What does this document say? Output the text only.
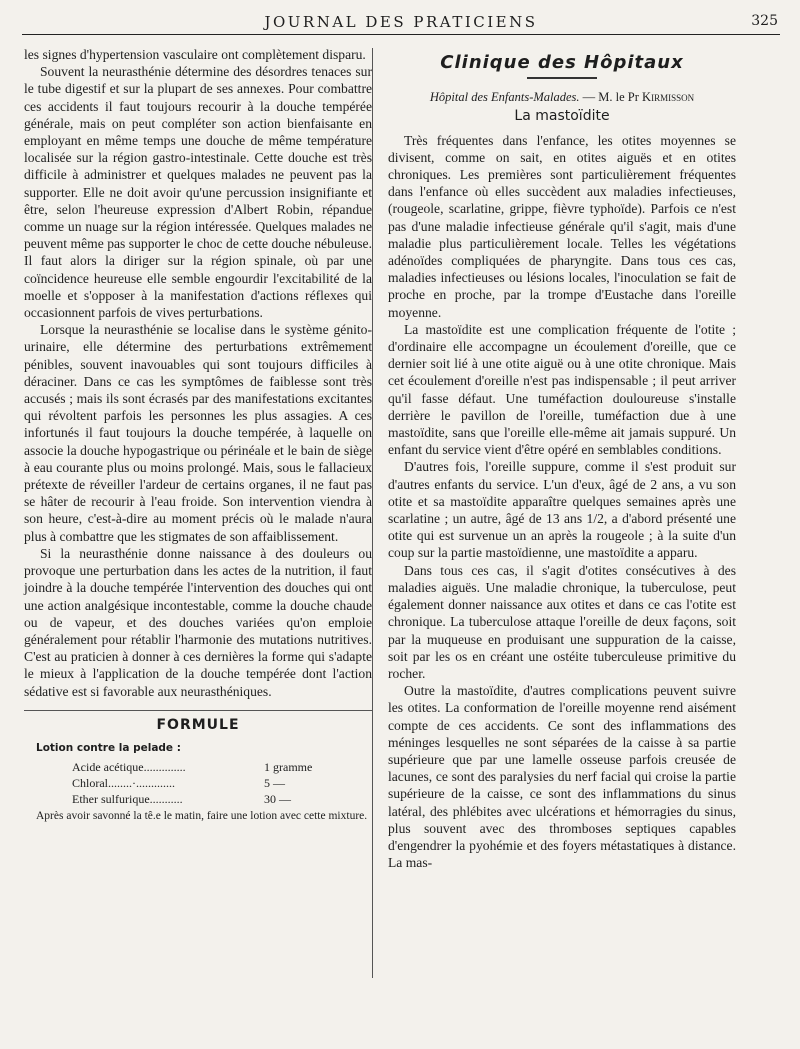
JOURNAL DES PRATICIENS	325

les signes d'hypertension vasculaire ont complètement disparu.

Souvent la neurasthénie détermine des désordres tenaces sur le tube digestif et sur la plupart de ses annexes. Pour combattre ces accidents il faut toujours recourir à la douche tempérée générale, mais on peut compléter son action bienfaisante en employant en même temps une douche de même température localisée sur la région gastro-intestinale. Cette douche est très difficile à administrer et quelques malades ne peuvent pas la supporter. Elle ne doit avoir qu'une percussion insignifiante et être, selon l'heureuse expression d'Albert Robin, répandue comme un nuage sur la région intéressée. Quelques malades ne peuvent même pas supporter le choc de cette douche nébuleuse. Il faut alors la diriger sur la région spinale, où par une coïncidence heureuse elle semble engourdir l'excitabilité de la moelle et s'opposer à la manifestation d'actions réflexes qui occasionnent parfois de vives perturbations.

Lorsque la neurasthénie se localise dans le système génito-urinaire, elle détermine des perturbations extrêmement pénibles, souvent inavouables qui sont toujours difficiles à déraciner. Dans ce cas les symptômes de faiblesse sont très accusés ; mais ils sont écrasés par des manifestations excitantes qui révoltent parfois les personnes les plus assagies. A ces infortunés il faut toujours la douche tempérée, à laquelle on associe la douche hypogastrique ou périnéale et le bain de siège à eau courante plus ou moins prolongé. Mais, sous le fallacieux prétexte de réveiller l'ardeur de certains organes, il ne faut pas se hâter de recourir à l'eau froide. Son intervention viendra à son heure, c'est-à-dire au moment précis où le malade n'aura plus à combattre que les stigmates de son affaiblissement.

Si la neurasthénie donne naissance à des douleurs ou provoque une perturbation dans les actes de la nutrition, il faut joindre à la douche tempérée l'intervention des douches qui ont une action analgésique incontestable, comme la douche chaude ou de vapeur, et des douches variées qu'on emploie généralement pour rétablir l'harmonie des mutations nutritives. C'est au praticien à donner à ces dernières la forme qui s'adapte le mieux à l'application de la douche tempérée dont l'action sédative est si favorable aux neurasthéniques.

FORMULE
Lotion contre la pelade :
Acide acétique..............	1 gramme
Chloral........·.............	5 —
Ether sulfurique...........	30 —
Après avoir savonné la tê.e le matin, faire une lotion avec cette mixture.
Clinique des Hôpitaux
Hôpital des Enfants-Malades. — M. le Pr Kirmisson
La mastoïdite

Très fréquentes dans l'enfance, les otites moyennes se divisent, comme on sait, en otites aiguës et en otites chroniques. Les premières sont particulièrement fréquentes dans l'enfance où elles succèdent aux maladies infectieuses, (rougeole, scarlatine, grippe, fièvre typhoïde). Parfois ce n'est pas d'une maladie infectieuse générale qu'il s'agit, mais d'une maladie plus particulièrement locale. Telles les végétations adénoïdes compliquées de pharyngite. Dans tous ces cas, maladies infectieuses ou lésions locales, l'inoculation se fait de proche en proche, par la trompe d'Eustache dans l'oreille moyenne.

La mastoïdite est une complication fréquente de l'otite ; d'ordinaire elle accompagne un écoulement d'oreille, que ce dernier soit lié à une otite aiguë ou à une otite chronique. Mais cet écoulement d'oreille n'est pas indispensable ; il peut arriver qu'il fasse défaut. Une tuméfaction douloureuse s'installe derrière le pavillon de l'oreille, tuméfaction due à une mastoïdite, sans que l'oreille elle-même ait jamais suppuré. Un enfant du service vient d'être opéré en semblables conditions.

D'autres fois, l'oreille suppure, comme il s'est produit sur d'autres enfants du service. L'un d'eux, âgé de 2 ans, a vu son otite et sa mastoïdite apparaître quelques semaines après une scarlatine ; un autre, âgé de 13 ans 1/2, a d'abord présenté une otite qui est survenue un an après la rougeole ; à la suite d'un coup sur la partie mastoïdienne, une mastoïdite a apparu.

Dans tous ces cas, il s'agit d'otites consécutives à des maladies aiguës. Une maladie chronique, la tuberculose, peut également donner naissance aux otites et dans ce cas l'otite est chronique. La tuberculose attaque l'oreille de deux façons, soit par la muqueuse en produisant une suppuration de la caisse, soit par les os en créant une ostéite tuberculeuse primitive du rocher.

Outre la mastoïdite, d'autres complications peuvent suivre les otites. La conformation de l'oreille moyenne rend aisément compte de ces accidents. Ce sont des inflammations des méninges lesquelles ne sont séparées de la caisse à sa partie supérieure que par une lamelle osseuse parfois creusée de lacunes, ce sont des paralysies du nerf facial qui croise la partie supérieure de la caisse, ce sont des inflammations du sinus latéral, des phlébites avec ulcérations et hémorragies du sinus, plus souvent avec des thromboses septiques capables d'engendrer la pyohémie et des foyers métastatiques à distance. La mas-
